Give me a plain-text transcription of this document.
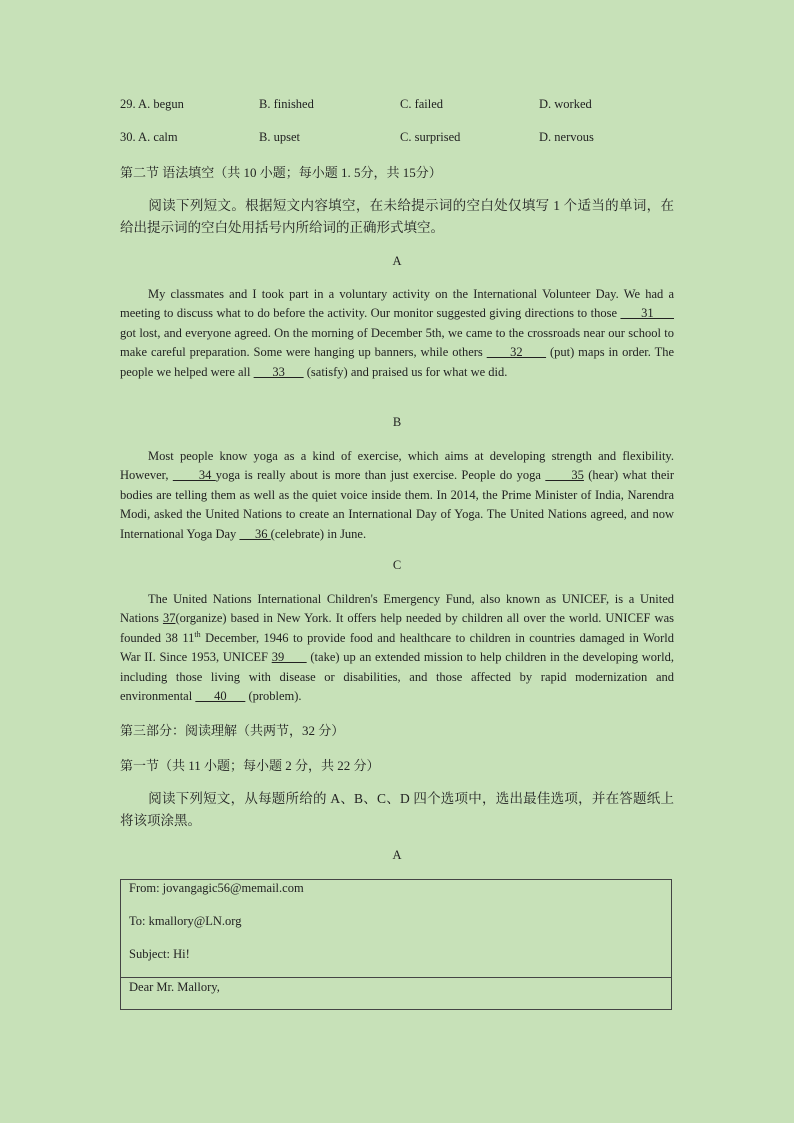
29. A. begun	B. finished	C. failed	D. worked
30. A. calm	B. upset	C. surprised	D. nervous
第二节 语法填空（共 10 小题；每小题 1. 5分，共 15分）
阅读下列短文。根据短文内容填空，在未给提示词的空白处仅填写 1 个适当的单词，在给出提示词的空白处用括号内所给词的正确形式填空。
A
My classmates and I took part in a voluntary activity on the International Volunteer Day. We had a meeting to discuss what to do before the activity. Our monitor suggested giving directions to those       31       got lost, and everyone agreed. On the morning of December 5th, we came to the crossroads near our school to make careful preparation. Some were hanging up banners, while others       32       (put) maps in order. The people we helped were all       33       (satisfy) and praised us for what we did.
B
Most people know yoga as a kind of exercise, which aims at developing strength and flexibility. However,       34 yoga is really about is more than just exercise. People do yoga       35 (hear) what their bodies are telling them as well as the quiet voice inside them. In 2014, the Prime Minister of India, Narendra Modi, asked the United Nations to create an International Day of Yoga. The United Nations agreed, and now International Yoga Day      36 (celebrate) in June.
C
The United Nations International Children's Emergency Fund, also known as UNICEF, is a United Nations 37(organize) based in New York. It offers help needed by children all over the world. UNICEF was founded 38 11th December, 1946 to provide food and healthcare to children in countries damaged in World War II. Since 1953, UNICEF 39       (take) up an extended mission to help children in the developing world, including those living with disease or disabilities, and those affected by rapid modernization and environmental       40       (problem).
第三部分：阅读理解（共两节，32 分）
第一节（共 11 小题；每小题 2 分，共 22 分）
阅读下列短文，从每题所给的 A、B、C、D 四个选项中，选出最佳选项，并在答题纸上将该项涂黑。
A
From: jovangagic56@memail.com
To: kmallory@LN.org
Subject: Hi!
Dear Mr. Mallory,
